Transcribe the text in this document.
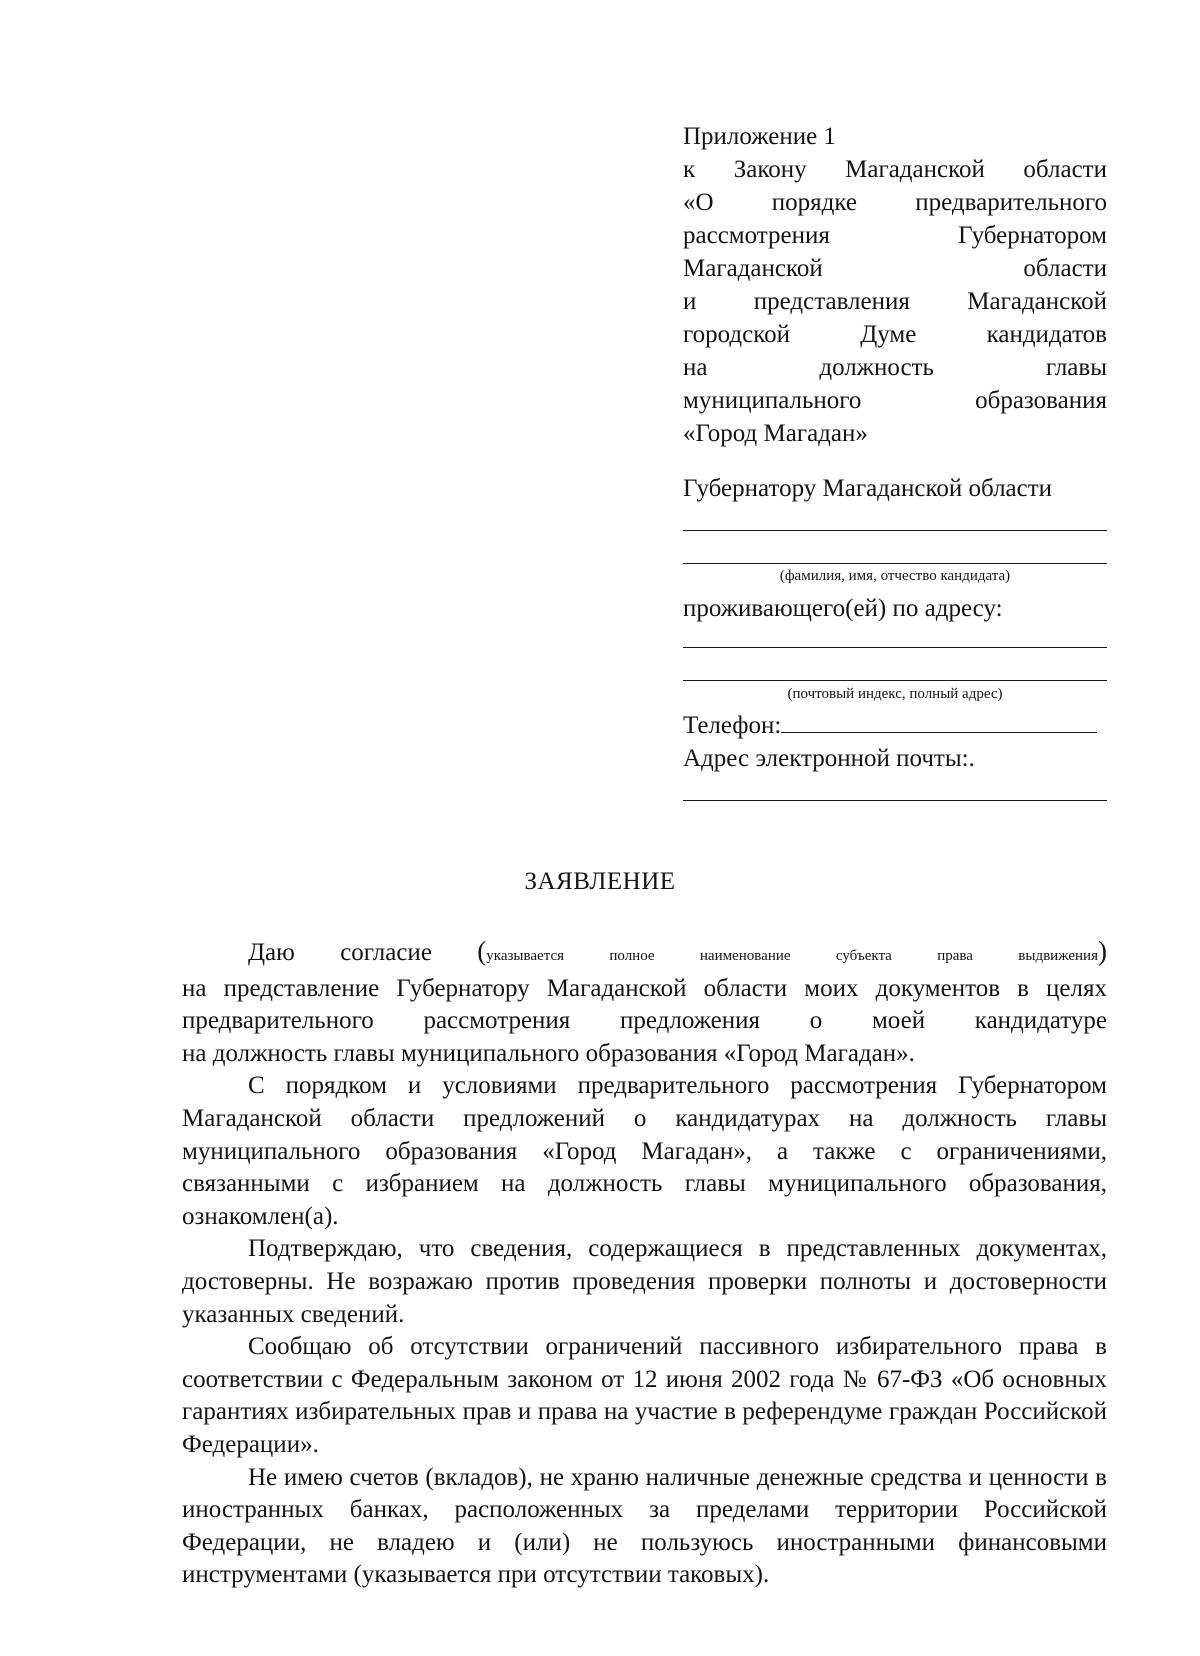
Приложение 1
к Закону Магаданской области
«О порядке предварительного
рассмотрения Губернатором
Магаданской области
и представления Магаданской
городской Думе кандидатов
на должность главы
муниципального образования
«Город Магадан»
Губернатору Магаданской области
(фамилия, имя, отчество кандидата)
проживающего(ей) по адресу:
(почтовый индекс, полный адрес)
Телефон:
Адрес электронной почты:.
ЗАЯВЛЕНИЕ
Даю согласие (указывается	полное	наименование	субъекта	права	выдвижения)
на представление Губернатору Магаданской области моих документов в целях
предварительного рассмотрения предложения о моей кандидатуре
на должность главы муниципального образования «Город Магадан».

С порядком и условиями предварительного рассмотрения Губернатором Магаданской области предложений о кандидатурах на должность главы муниципального образования «Город Магадан», а также с ограничениями, связанными с избранием на должность главы муниципального образования, ознакомлен(а).

Подтверждаю, что сведения, содержащиеся в представленных документах, достоверны. Не возражаю против проведения проверки полноты и достоверности указанных сведений.

Сообщаю об отсутствии ограничений пассивного избирательного права в соответствии с Федеральным законом от 12 июня 2002 года № 67-ФЗ «Об основных гарантиях избирательных прав и права на участие в референдуме граждан Российской Федерации».

Не имею счетов (вкладов), не храню наличные денежные средства и ценности в иностранных банках, расположенных за пределами территории Российской Федерации, не владею и (или) не пользуюсь иностранными финансовыми инструментами (указывается при отсутствии таковых).
